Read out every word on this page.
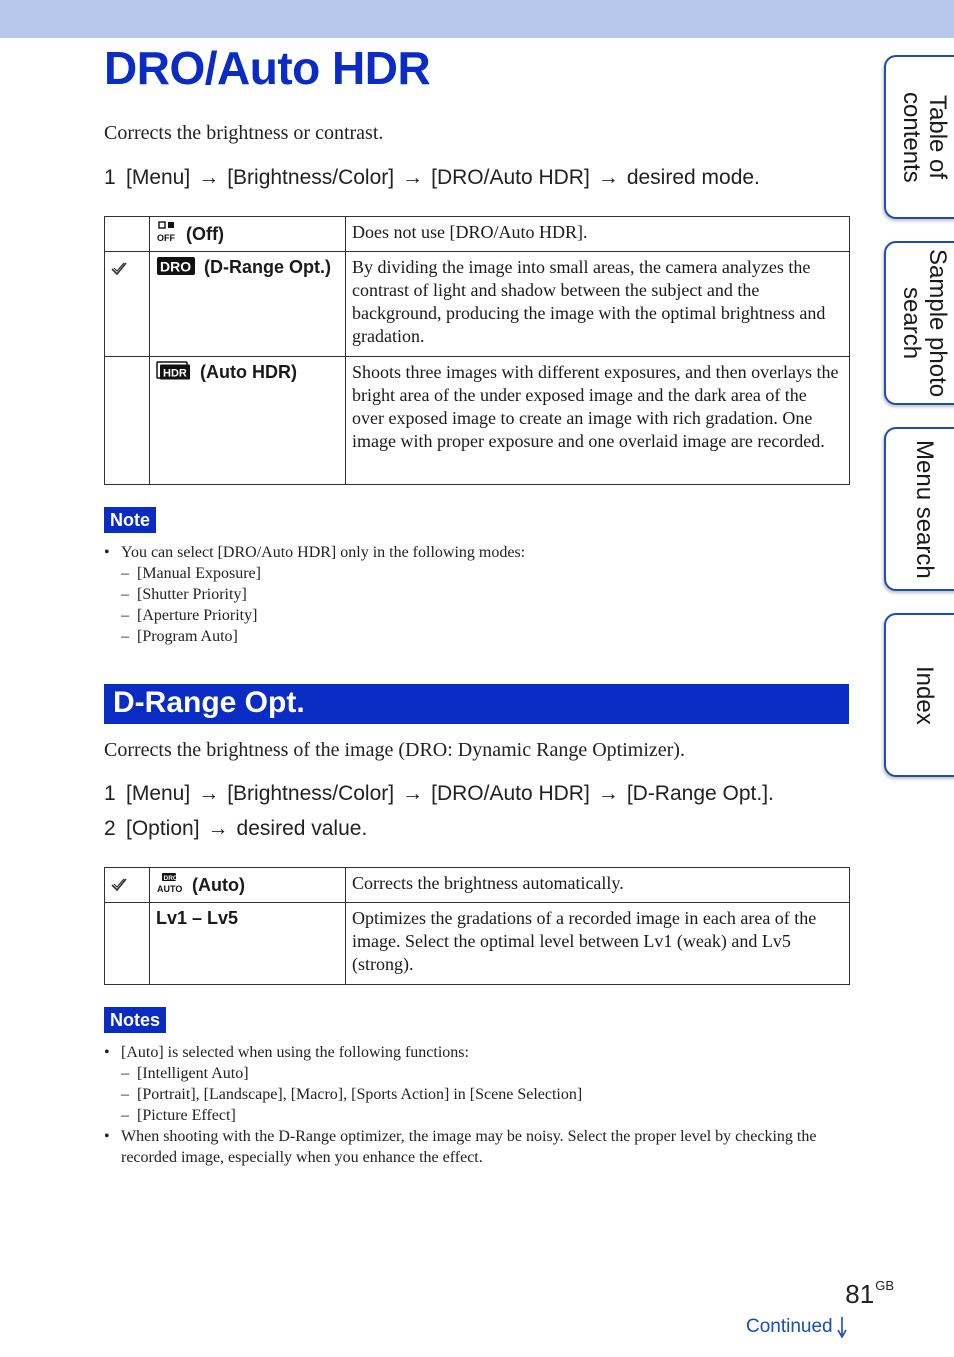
DRO/Auto HDR
Corrects the brightness or contrast.
1 [Menu] → [Brightness/Color] → [DRO/Auto HDR] → desired mode.

OFF (Off)	Does not use [DRO/Auto HDR].

DRO (D-Range Opt.)	By dividing the image into small areas, the camera analyzes the contrast of light and shadow between the subject and the background, producing the image with the optimal brightness and gradation.

HDR (Auto HDR)	Shoots three images with different exposures, and then overlays the bright area of the under exposed image and the dark area of the over exposed image to create an image with rich gradation. One image with proper exposure and one overlaid image are recorded.
Note
• You can select [DRO/Auto HDR] only in the following modes:
– [Manual Exposure]
– [Shutter Priority]
– [Aperture Priority]
– [Program Auto]
D-Range Opt.
Corrects the brightness of the image (DRO: Dynamic Range Optimizer).
1 [Menu] → [Brightness/Color] → [DRO/Auto HDR] → [D-Range Opt.].
2 [Option] → desired value.

DRO
AUTO (Auto)	Corrects the brightness automatically.
	Lv1 – Lv5	Optimizes the gradations of a recorded image in each area of the image. Select the optimal level between Lv1 (weak) and Lv5 (strong).
Notes
• [Auto] is selected when using the following functions:
– [Intelligent Auto]
– [Portrait], [Landscape], [Macro], [Sports Action] in [Scene Selection]
– [Picture Effect]
• When shooting with the D-Range optimizer, the image may be noisy. Select the proper level by checking the recorded image, especially when you enhance the effect.
Table of contents
Sample photo search
Menu search
Index
$81^{GB}$
Continued
